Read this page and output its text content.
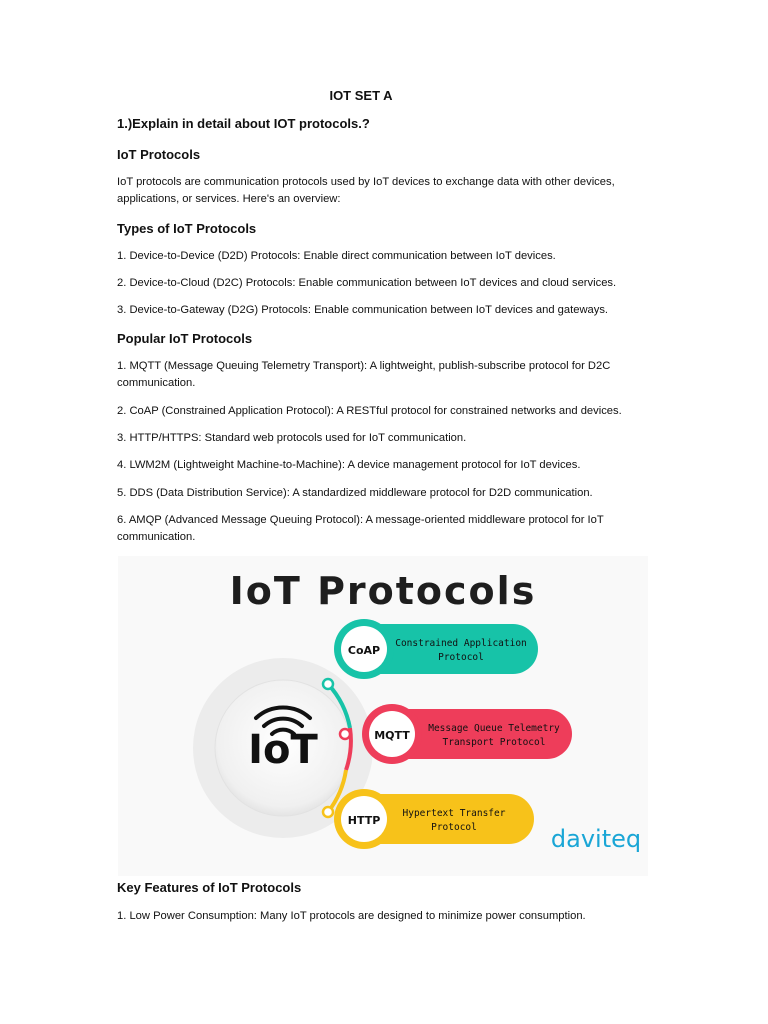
IOT SET A
1.)Explain in detail about IOT protocols.?
IoT Protocols
IoT protocols are communication protocols used by IoT devices to exchange data with other devices, applications, or services. Here's an overview:
Types of IoT Protocols
1. Device-to-Device (D2D) Protocols: Enable direct communication between IoT devices.
2. Device-to-Cloud (D2C) Protocols: Enable communication between IoT devices and cloud services.
3. Device-to-Gateway (D2G) Protocols: Enable communication between IoT devices and gateways.
Popular IoT Protocols
1. MQTT (Message Queuing Telemetry Transport): A lightweight, publish-subscribe protocol for D2C communication.
2. CoAP (Constrained Application Protocol): A RESTful protocol for constrained networks and devices.
3. HTTP/HTTPS: Standard web protocols used for IoT communication.
4. LWM2M (Lightweight Machine-to-Machine): A device management protocol for IoT devices.
5. DDS (Data Distribution Service): A standardized middleware protocol for D2D communication.
6. AMQP (Advanced Message Queuing Protocol): A message-oriented middleware protocol for IoT communication.
IoT Protocols
IoT
CoAP
Constrained Application
Protocol
MQTT
Message Queue Telemetry
Transport Protocol
HTTP
Hypertext Transfer
Protocol	daviteq
Key Features of IoT Protocols
1. Low Power Consumption: Many IoT protocols are designed to minimize power consumption.
